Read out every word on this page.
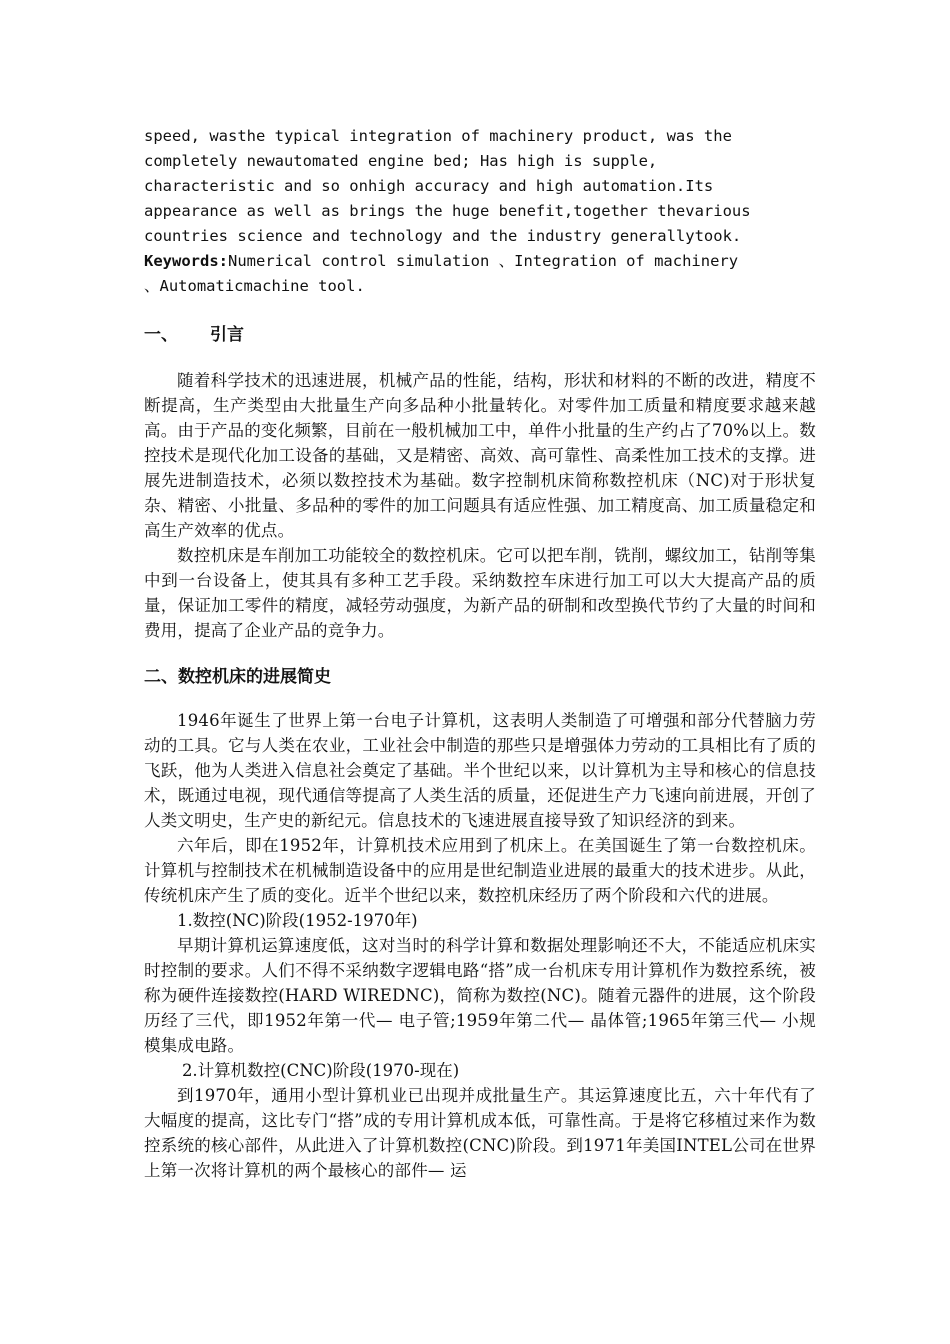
speed, wasthe typical integration of machinery product, was the

completely newautomated engine bed; Has high is supple,

characteristic and so onhigh accuracy and high automation.Its

appearance as well as brings the huge benefit,together thevarious

countries science and technology and the industry generallytook.

Keywords:Numerical control simulation 、Integration of machinery

、Automaticmachine tool.

一、 引言

随着科学技术的迅速进展，机械产品的性能，结构，形状和材料的不断的改进，精度不断提高，生产类型由大批量生产向多品种小批量转化。对零件加工质量和精度要求越来越高。由于产品的变化频繁，目前在一般机械加工中，单件小批量的生产约占了70%以上。数控技术是现代化加工设备的基础，又是精密、高效、高可靠性、高柔性加工技术的支撑。进展先进制造技术，必须以数控技术为基础。数字控制机床简称数控机床（NC)对于形状复杂、精密、小批量、多品种的零件的加工问题具有适应性强、加工精度高、加工质量稳定和高生产效率的优点。

数控机床是车削加工功能较全的数控机床。它可以把车削，铣削，螺纹加工，钻削等集中到一台设备上，使其具有多种工艺手段。采纳数控车床进行加工可以大大提高产品的质量，保证加工零件的精度，减轻劳动强度，为新产品的研制和改型换代节约了大量的时间和费用，提高了企业产品的竞争力。

二、数控机床的进展简史

1946年诞生了世界上第一台电子计算机，这表明人类制造了可增强和部分代替脑力劳动的工具。它与人类在农业，工业社会中制造的那些只是增强体力劳动的工具相比有了质的飞跃，他为人类进入信息社会奠定了基础。半个世纪以来，以计算机为主导和核心的信息技术，既通过电视，现代通信等提高了人类生活的质量，还促进生产力飞速向前进展，开创了人类文明史，生产史的新纪元。信息技术的飞速进展直接导致了知识经济的到来。

六年后，即在1952年，计算机技术应用到了机床上。在美国诞生了第一台数控机床。计算机与控制技术在机械制造设备中的应用是世纪制造业进展的最重大的技术进步。从此，传统机床产生了质的变化。近半个世纪以来，数控机床经历了两个阶段和六代的进展。

1.数控(NC)阶段(1952-1970年)

早期计算机运算速度低，这对当时的科学计算和数据处理影响还不大，不能适应机床实时控制的要求。人们不得不采纳数字逻辑电路“搭”成一台机床专用计算机作为数控系统，被称为硬件连接数控(HARD WIREDNC)，简称为数控(NC)。随着元器件的进展，这个阶段历经了三代，即1952年第一代— 电子管;1959年第二代— 晶体管;1965年第三代— 小规模集成电路。

2.计算机数控(CNC)阶段(1970-现在)

到1970年，通用小型计算机业已出现并成批量生产。其运算速度比五，六十年代有了大幅度的提高，这比专门“搭”成的专用计算机成本低，可靠性高。于是将它移植过来作为数控系统的核心部件，从此进入了计算机数控(CNC)阶段。到1971年美国INTEL公司在世界上第一次将计算机的两个最核心的部件— 运
